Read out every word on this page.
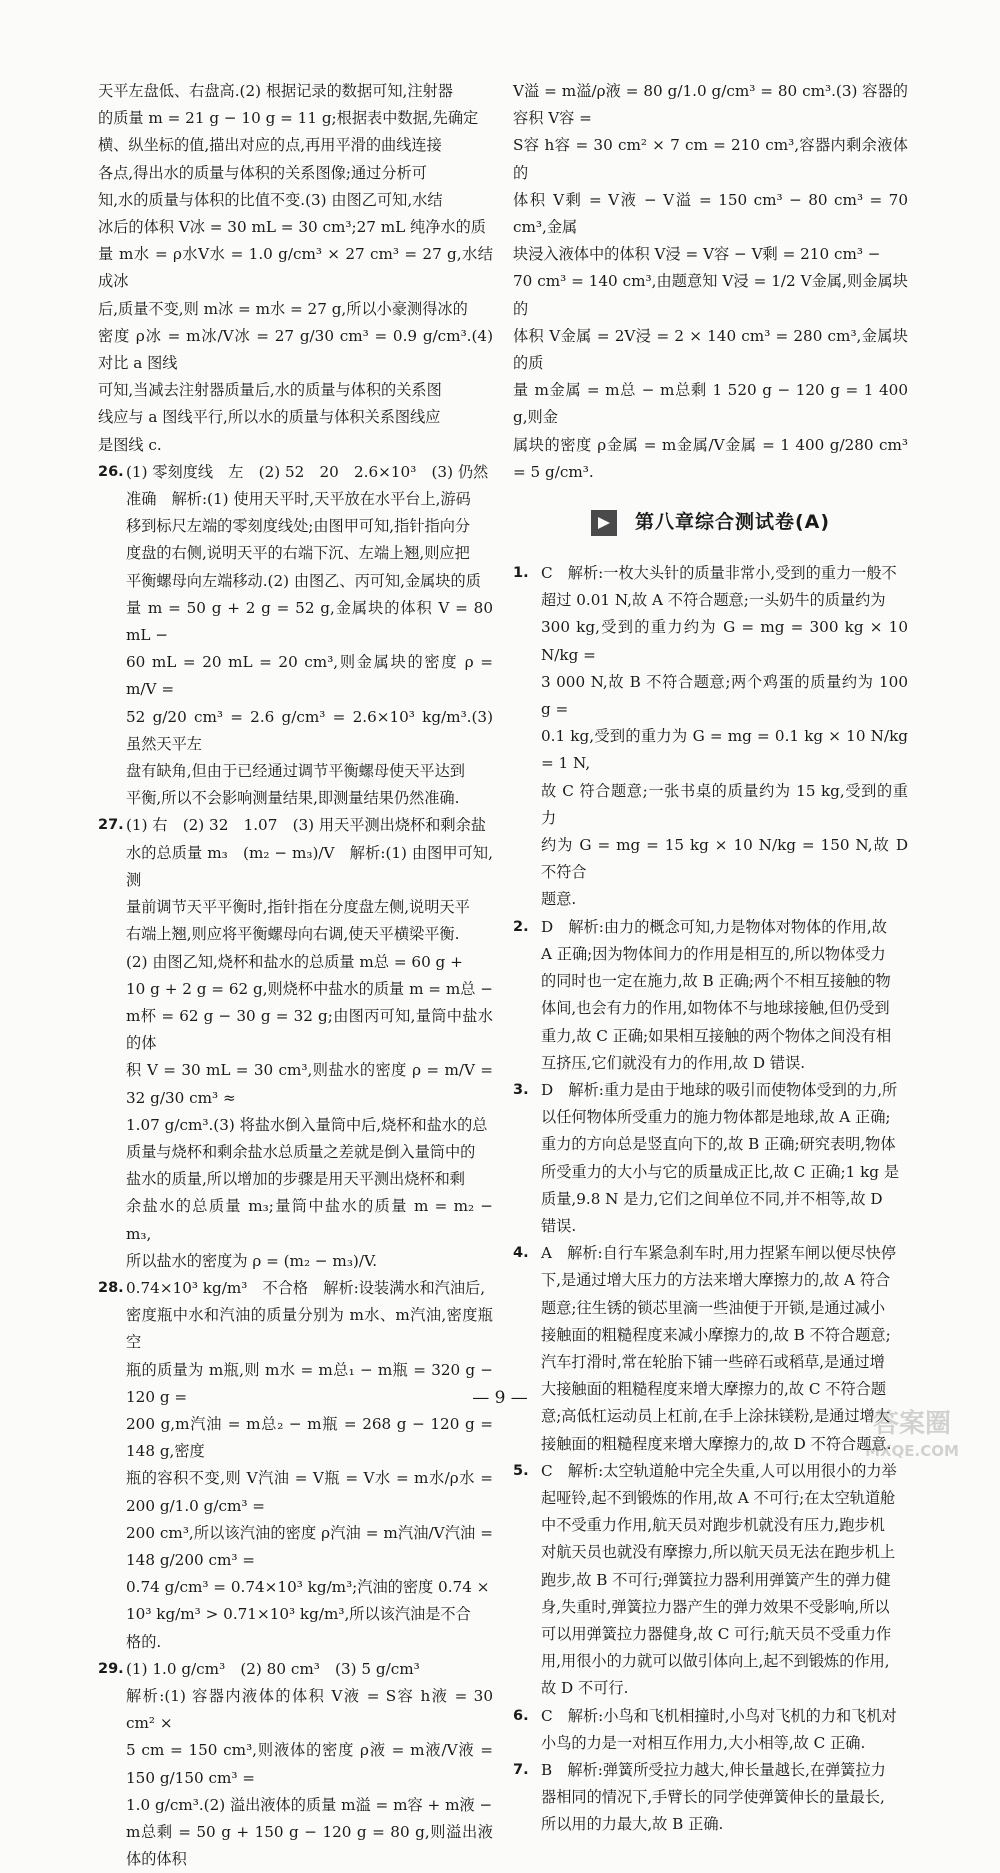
天平左盘低、右盘高.(2) 根据记录的数据可知,注射器

的质量 m = 21 g − 10 g = 11 g;根据表中数据,先确定

横、纵坐标的值,描出对应的点,再用平滑的曲线连接

各点,得出水的质量与体积的关系图像;通过分析可

知,水的质量与体积的比值不变.(3) 由图乙可知,水结

冰后的体积 V冰 = 30 mL = 30 cm³;27 mL 纯净水的质

量 m水 = ρ水V水 = 1.0 g/cm³ × 27 cm³ = 27 g,水结成冰

后,质量不变,则 m冰 = m水 = 27 g,所以小豪测得冰的

密度 ρ冰 = m冰/V冰 = 27 g/30 cm³ = 0.9 g/cm³.(4) 对比 a 图线

可知,当减去注射器质量后,水的质量与体积的关系图

线应与 a 图线平行,所以水的质量与体积关系图线应

是图线 c.

26. (1) 零刻度线　左　(2) 52　20　2.6×10³　(3) 仍然

准确　解析:(1) 使用天平时,天平放在水平台上,游码

移到标尺左端的零刻度线处;由图甲可知,指针指向分

度盘的右侧,说明天平的右端下沉、左端上翘,则应把

平衡螺母向左端移动.(2) 由图乙、丙可知,金属块的质

量 m = 50 g + 2 g = 52 g,金属块的体积 V = 80 mL −

60 mL = 20 mL = 20 cm³,则金属块的密度 ρ = m/V =

52 g/20 cm³ = 2.6 g/cm³ = 2.6×10³ kg/m³.(3) 虽然天平左

盘有缺角,但由于已经通过调节平衡螺母使天平达到

平衡,所以不会影响测量结果,即测量结果仍然准确.

27. (1) 右　(2) 32　1.07　(3) 用天平测出烧杯和剩余盐

水的总质量 m₃　(m₂ − m₃)/V　解析:(1) 由图甲可知,测

量前调节天平平衡时,指针指在分度盘左侧,说明天平

右端上翘,则应将平衡螺母向右调,使天平横梁平衡.

(2) 由图乙知,烧杯和盐水的总质量 m总 = 60 g +

10 g + 2 g = 62 g,则烧杯中盐水的质量 m = m总 −

m杯 = 62 g − 30 g = 32 g;由图丙可知,量筒中盐水的体

积 V = 30 mL = 30 cm³,则盐水的密度 ρ = m/V = 32 g/30 cm³ ≈

1.07 g/cm³.(3) 将盐水倒入量筒中后,烧杯和盐水的总

质量与烧杯和剩余盐水总质量之差就是倒入量筒中的

盐水的质量,所以增加的步骤是用天平测出烧杯和剩

余盐水的总质量 m₃;量筒中盐水的质量 m = m₂ − m₃,

所以盐水的密度为 ρ = (m₂ − m₃)/V.

28. 0.74×10³ kg/m³　不合格　解析:设装满水和汽油后,

密度瓶中水和汽油的质量分别为 m水、m汽油,密度瓶空

瓶的质量为 m瓶,则 m水 = m总₁ − m瓶 = 320 g − 120 g =

200 g,m汽油 = m总₂ − m瓶 = 268 g − 120 g = 148 g,密度

瓶的容积不变,则 V汽油 = V瓶 = V水 = m水/ρ水 = 200 g/1.0 g/cm³ =

200 cm³,所以该汽油的密度 ρ汽油 = m汽油/V汽油 = 148 g/200 cm³ =

0.74 g/cm³ = 0.74×10³ kg/m³;汽油的密度 0.74 ×

10³ kg/m³ > 0.71×10³ kg/m³,所以该汽油是不合

格的.

29. (1) 1.0 g/cm³　(2) 80 cm³　(3) 5 g/cm³

解析:(1) 容器内液体的体积 V液 = S容 h液 = 30 cm² ×

5 cm = 150 cm³,则液体的密度 ρ液 = m液/V液 = 150 g/150 cm³ =

1.0 g/cm³.(2) 溢出液体的质量 m溢 = m容 + m液 −

m总剩 = 50 g + 150 g − 120 g = 80 g,则溢出液体的体积

V溢 = m溢/ρ液 = 80 g/1.0 g/cm³ = 80 cm³.(3) 容器的容积 V容 =

S容 h容 = 30 cm² × 7 cm = 210 cm³,容器内剩余液体的

体积 V剩 = V液 − V溢 = 150 cm³ − 80 cm³ = 70 cm³,金属

块浸入液体中的体积 V浸 = V容 − V剩 = 210 cm³ −

70 cm³ = 140 cm³,由题意知 V浸 = 1/2 V金属,则金属块的

体积 V金属 = 2V浸 = 2 × 140 cm³ = 280 cm³,金属块的质

量 m金属 = m总 − m总剩 1 520 g − 120 g = 1 400 g,则金

属块的密度 ρ金属 = m金属/V金属 = 1 400 g/280 cm³ = 5 g/cm³.

第八章综合测试卷(A)
1. C　解析:一枚大头针的质量非常小,受到的重力一般不

超过 0.01 N,故 A 不符合题意;一头奶牛的质量约为

300 kg,受到的重力约为 G = mg = 300 kg × 10 N/kg =

3 000 N,故 B 不符合题意;两个鸡蛋的质量约为 100 g =

0.1 kg,受到的重力为 G = mg = 0.1 kg × 10 N/kg = 1 N,

故 C 符合题意;一张书桌的质量约为 15 kg,受到的重力

约为 G = mg = 15 kg × 10 N/kg = 150 N,故 D 不符合

题意.

2. D　解析:由力的概念可知,力是物体对物体的作用,故

A 正确;因为物体间力的作用是相互的,所以物体受力

的同时也一定在施力,故 B 正确;两个不相互接触的物

体间,也会有力的作用,如物体不与地球接触,但仍受到

重力,故 C 正确;如果相互接触的两个物体之间没有相

互挤压,它们就没有力的作用,故 D 错误.

3. D　解析:重力是由于地球的吸引而使物体受到的力,所

以任何物体所受重力的施力物体都是地球,故 A 正确;

重力的方向总是竖直向下的,故 B 正确;研究表明,物体

所受重力的大小与它的质量成正比,故 C 正确;1 kg 是

质量,9.8 N 是力,它们之间单位不同,并不相等,故 D

错误.

4. A　解析:自行车紧急刹车时,用力捏紧车闸以便尽快停

下,是通过增大压力的方法来增大摩擦力的,故 A 符合

题意;往生锈的锁芯里滴一些油便于开锁,是通过减小

接触面的粗糙程度来减小摩擦力的,故 B 不符合题意;

汽车打滑时,常在轮胎下铺一些碎石或稻草,是通过增

大接触面的粗糙程度来增大摩擦力的,故 C 不符合题

意;高低杠运动员上杠前,在手上涂抹镁粉,是通过增大

接触面的粗糙程度来增大摩擦力的,故 D 不符合题意.

5. C　解析:太空轨道舱中完全失重,人可以用很小的力举

起哑铃,起不到锻炼的作用,故 A 不可行;在太空轨道舱

中不受重力作用,航天员对跑步机就没有压力,跑步机

对航天员也就没有摩擦力,所以航天员无法在跑步机上

跑步,故 B 不可行;弹簧拉力器利用弹簧产生的弹力健

身,失重时,弹簧拉力器产生的弹力效果不受影响,所以

可以用弹簧拉力器健身,故 C 可行;航天员不受重力作

用,用很小的力就可以做引体向上,起不到锻炼的作用,

故 D 不可行.

6. C　解析:小鸟和飞机相撞时,小鸟对飞机的力和飞机对

小鸟的力是一对相互作用力,大小相等,故 C 正确.

7. B　解析:弹簧所受拉力越大,伸长量越长,在弹簧拉力

器相同的情况下,手臂长的同学使弹簧伸长的量最长,

所以用的力最大,故 B 正确.

— 9 —
答案圈
MXQE.COM
